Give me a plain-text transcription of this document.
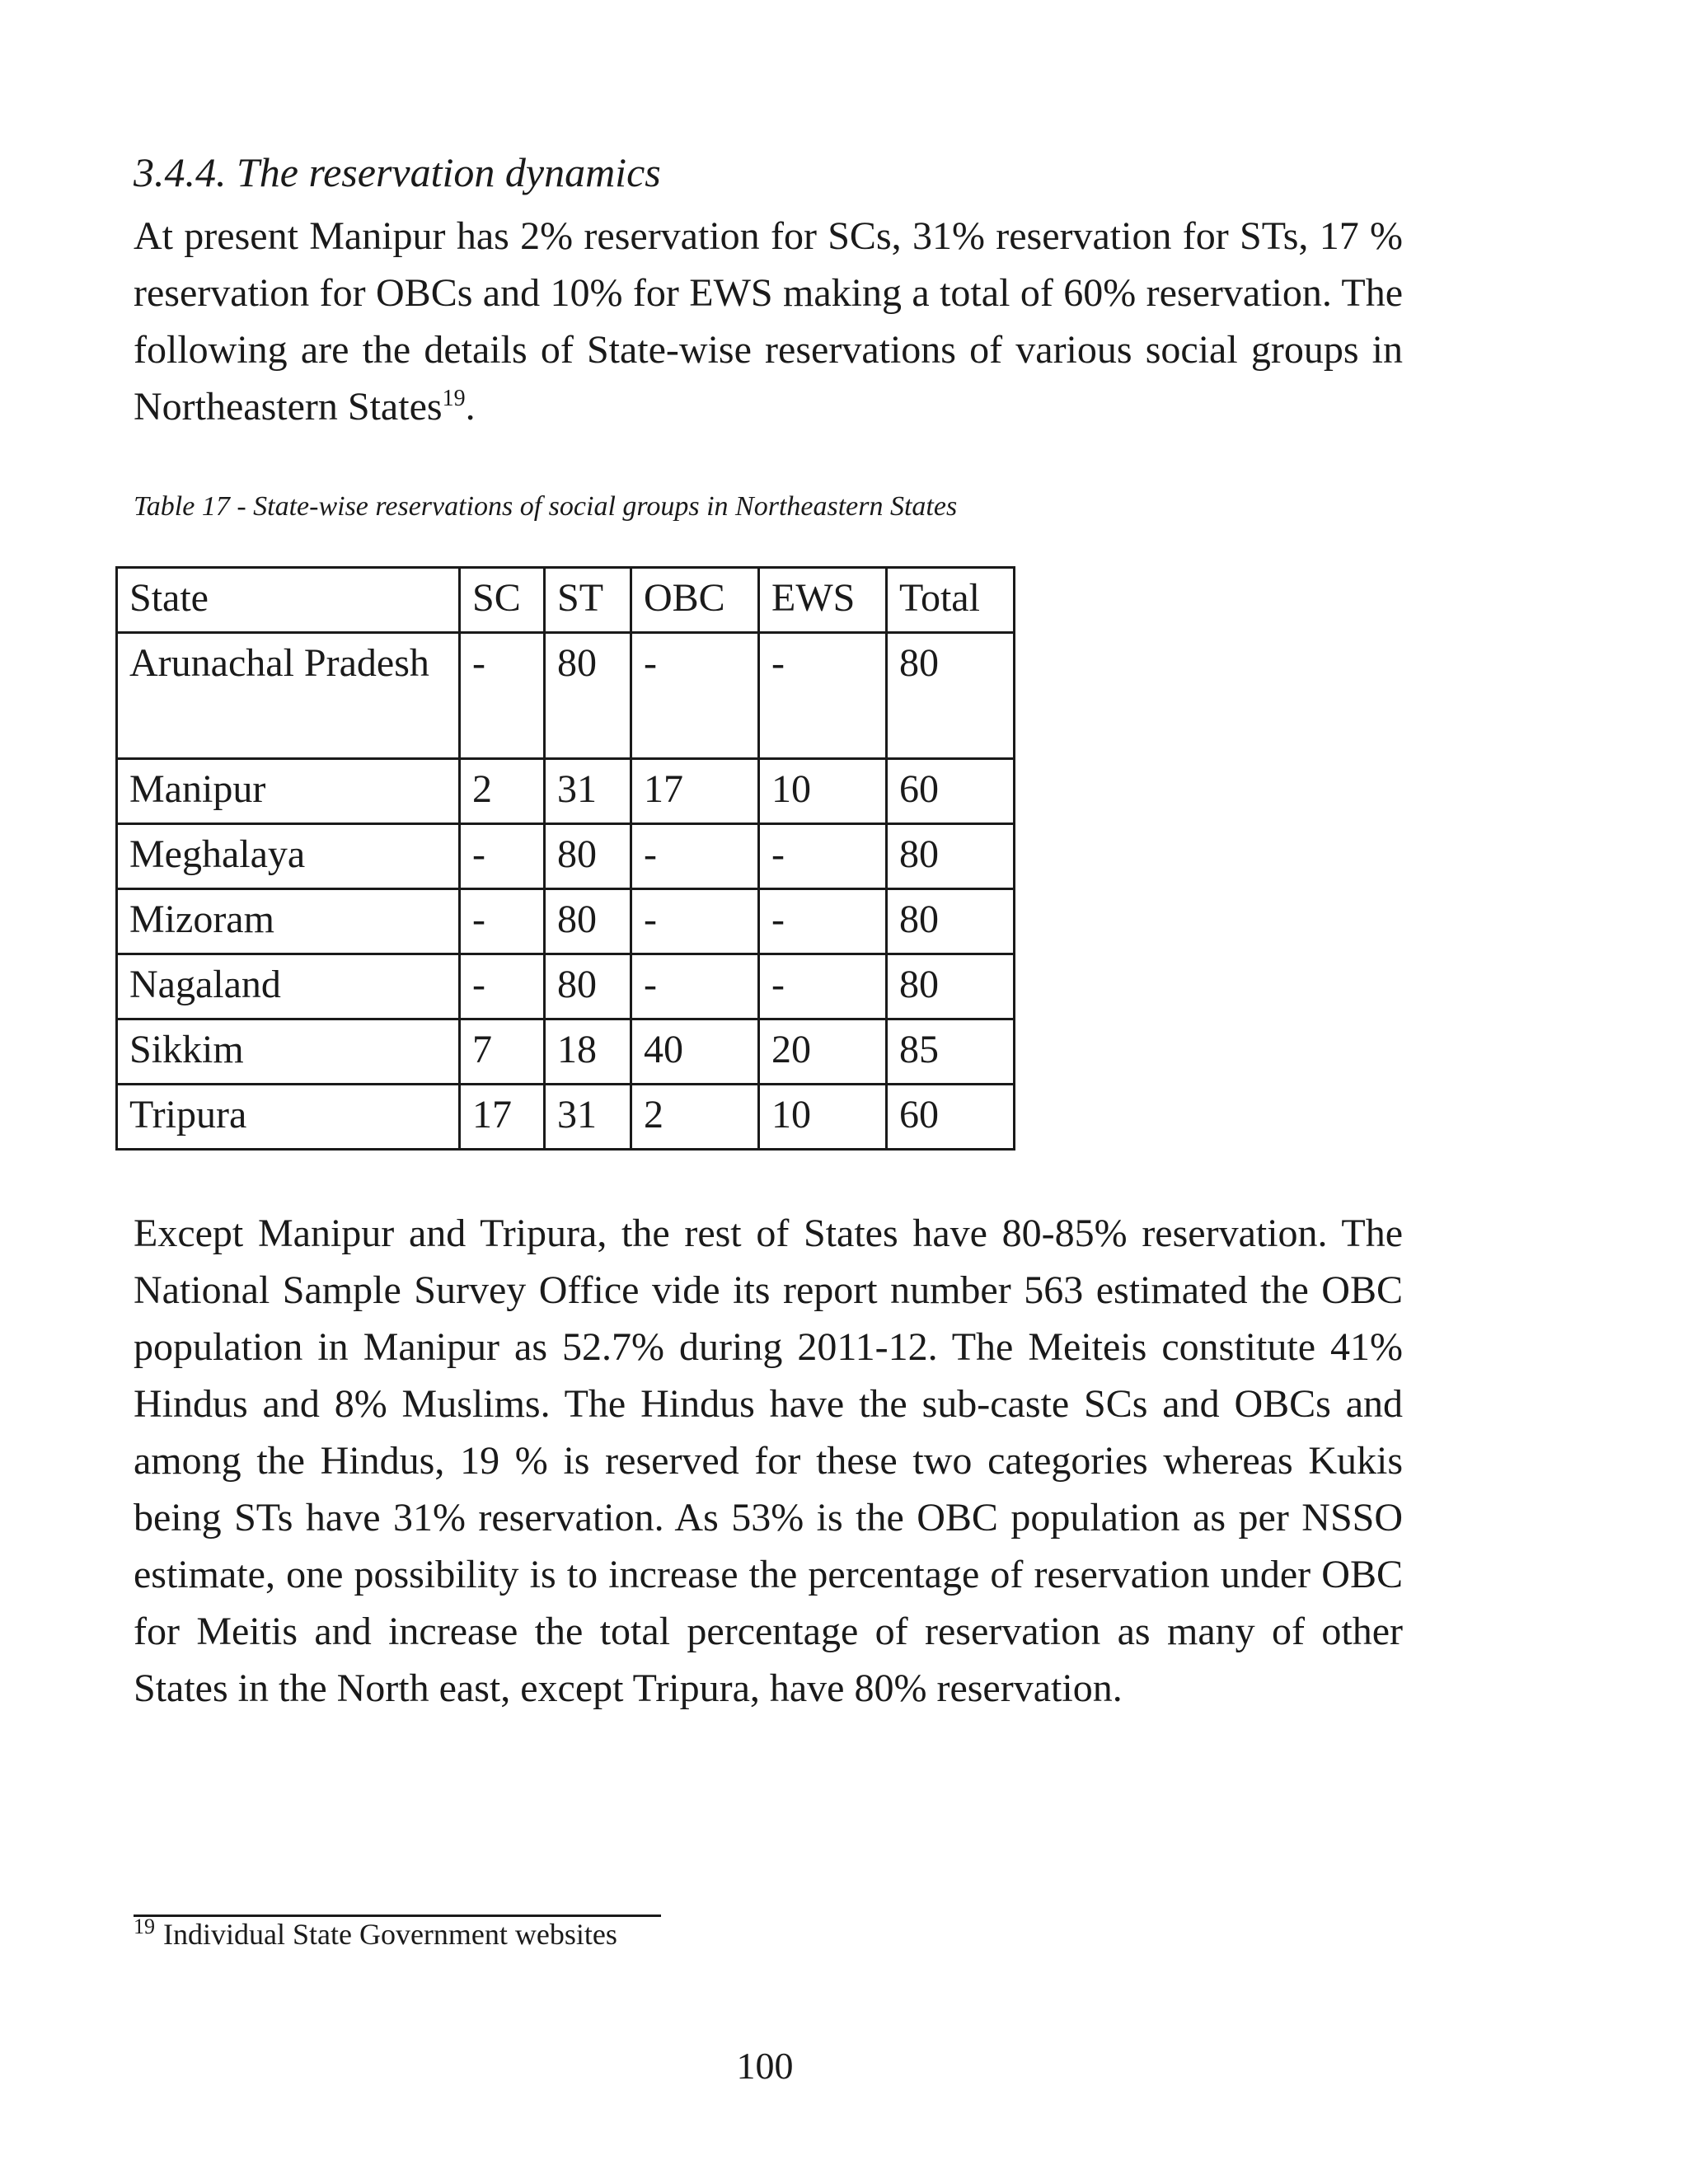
3.4.4. The reservation dynamics

At present Manipur has 2% reservation for SCs, 31% reservation for STs, 17 % reservation for OBCs and 10% for EWS making a total of 60% reservation. The following are the details of State-wise reservations of various social groups in Northeastern States$^{19}$.

Table 17 - State-wise reservations of social groups in Northeastern States

State	SC	ST	OBC	EWS	Total
Arunachal Pradesh	-	80	-	-	80
Manipur	2	31	17	10	60
Meghalaya	-	80	-	-	80
Mizoram	-	80	-	-	80
Nagaland	-	80	-	-	80
Sikkim	7	18	40	20	85
Tripura	17	31	2	10	60

Except Manipur and Tripura, the rest of States have 80-85% reservation. The National Sample Survey Office vide its report number 563 estimated the OBC population in Manipur as 52.7% during 2011-12. The Meiteis constitute 41% Hindus and 8% Muslims. The Hindus have the sub-caste SCs and OBCs and among the Hindus, 19 % is reserved for these two categories whereas Kukis being STs have 31% reservation. As 53% is the OBC population as per NSSO estimate, one possibility is to increase the percentage of reservation under OBC for Meitis and increase the total percentage of reservation as many of other States in the North east, except Tripura, have 80% reservation.

$^{19}$ Individual State Government websites

100
